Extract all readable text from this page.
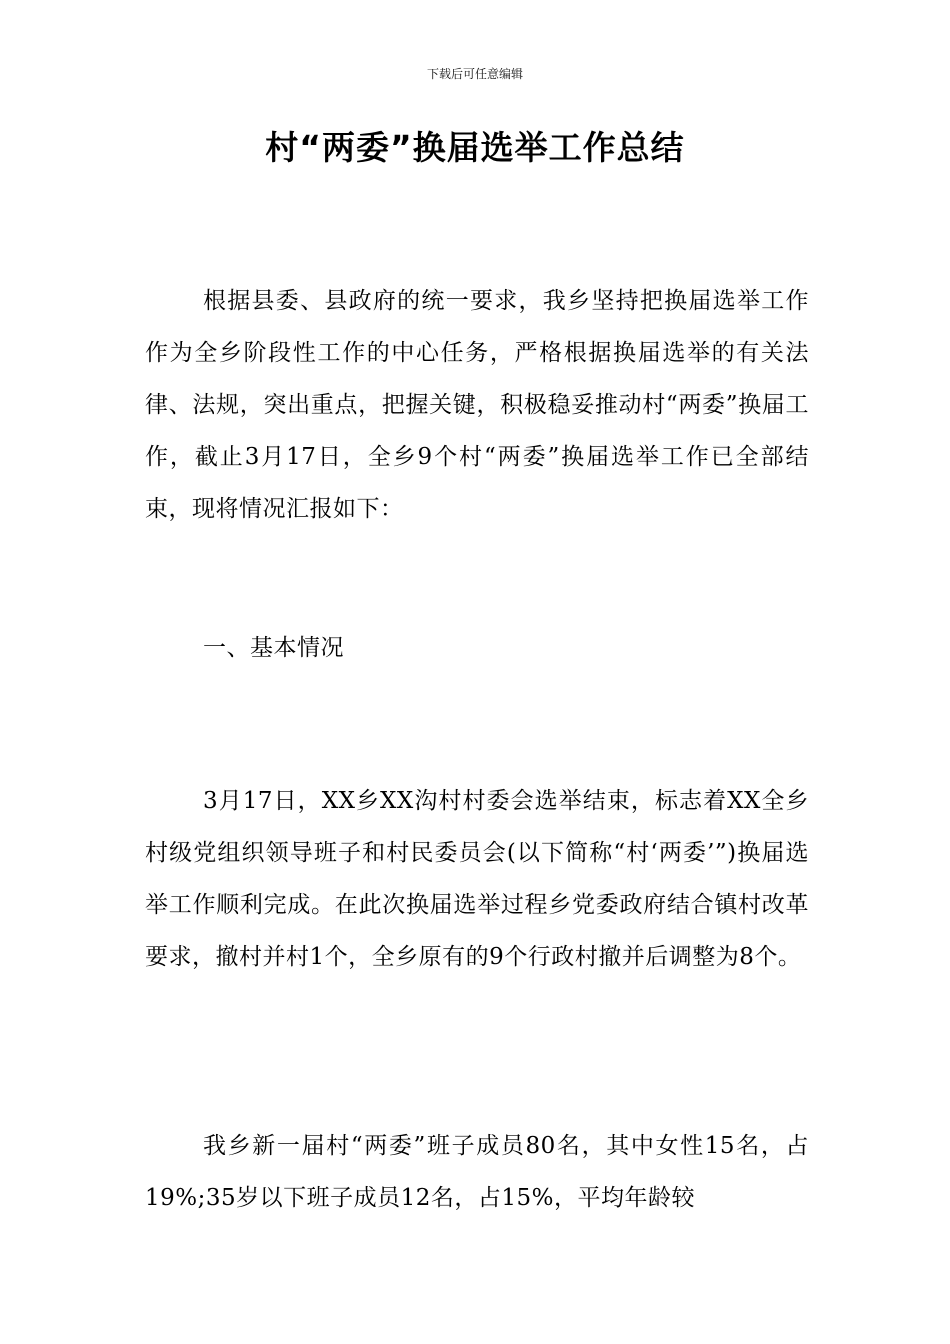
下载后可任意编辑
村“两委”换届选举工作总结

根据县委、县政府的统一要求，我乡坚持把换届选举工作作为全乡阶段性工作的中心任务，严格根据换届选举的有关法律、法规，突出重点，把握关键，积极稳妥推动村“两委”换届工作，截止3月17日，全乡9个村“两委”换届选举工作已全部结束，现将情况汇报如下：

一、基本情况

3月17日，XX乡XX沟村村委会选举结束，标志着XX全乡村级党组织领导班子和村民委员会(以下简称“村‘两委’”)换届选举工作顺利完成。在此次换届选举过程乡党委政府结合镇村改革要求，撤村并村1个，全乡原有的9个行政村撤并后调整为8个。

我乡新一届村“两委”班子成员80名，其中女性15名，占19%;35岁以下班子成员12名，占15%，平均年龄较
